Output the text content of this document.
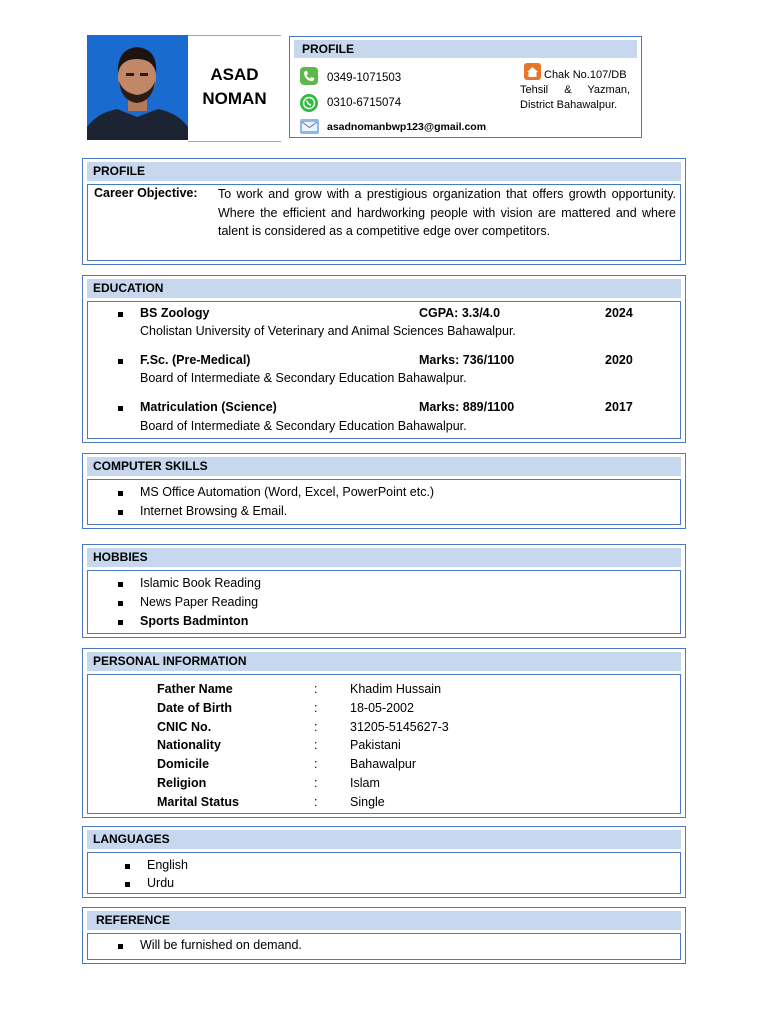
ASAD
NOMAN
PROFILE
0349-1071503
0310-6715074
asadnomanbwp123@gmail.com
Chak No.107/DB
Tehsil & Yazman,
District Bahawalpur.
PROFILE
Career Objective: To work and grow with a prestigious organization that offers growth opportunity. Where the efficient and hardworking people with vision are mattered and where talent is considered as a competitive edge over competitors.
EDUCATION
BS Zoology	CGPA: 3.3/4.0	2024
Cholistan University of Veterinary and Animal Sciences Bahawalpur.
F.Sc. (Pre-Medical)	Marks: 736/1100	2020
Board of Intermediate & Secondary Education Bahawalpur.
Matriculation (Science)	Marks: 889/1100	2017
Board of Intermediate & Secondary Education Bahawalpur.
COMPUTER SKILLS
MS Office Automation (Word, Excel, PowerPoint etc.)
Internet Browsing & Email.
HOBBIES
Islamic Book Reading
News Paper Reading
Sports Badminton
PERSONAL INFORMATION
Father Name	:	Khadim Hussain
Date of Birth	:	18-05-2002
CNIC No.	:	31205-5145627-3
Nationality	:	Pakistani
Domicile	:	Bahawalpur
Religion	:	Islam
Marital Status	:	Single
LANGUAGES
English
Urdu
REFERENCE
Will be furnished on demand.
